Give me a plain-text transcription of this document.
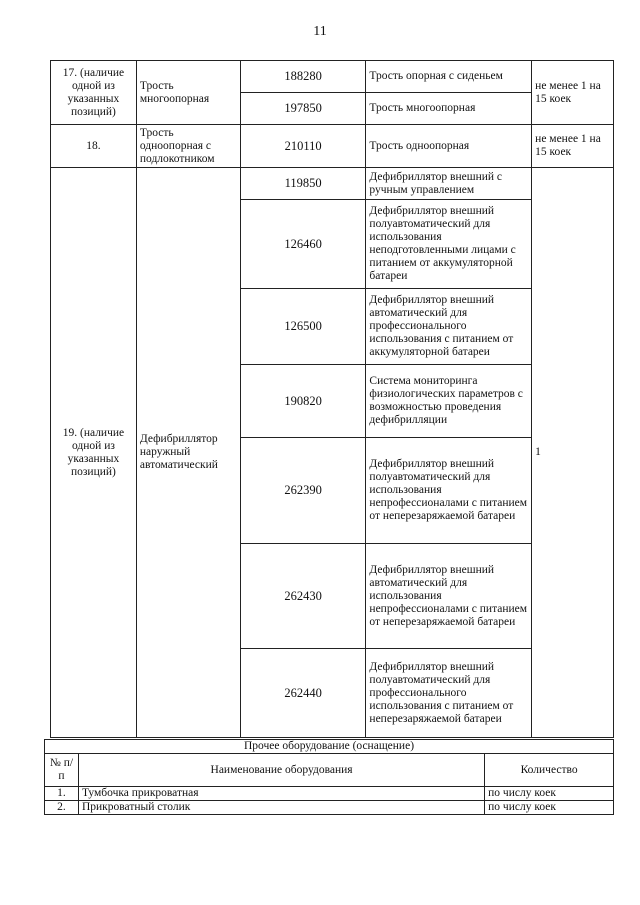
11
17. (наличие одной из указанных позиций)	Трость многоопорная	188280	Трость опорная с сиденьем	не менее 1 на 15 коек
		197850	Трость многоопорная	
18.	Трость одноопорная с подлокотником	210110	Трость одноопорная	не менее 1 на 15 коек
19. (наличие одной из указанных позиций)	Дефибриллятор наружный автоматический	119850	Дефибриллятор внешний с ручным управлением	1
		126460	Дефибриллятор внешний полуавтоматический для использования неподготовленными лицами с питанием от аккумуляторной батареи	
		126500	Дефибриллятор внешний автоматический для профессионального использования с питанием от аккумуляторной батареи	
		190820	Система мониторинга физиологических параметров с возможностью проведения дефибрилляции	
		262390	Дефибриллятор внешний полуавтоматический для использования непрофессионалами с питанием от неперезаряжаемой батареи	
		262430	Дефибриллятор внешний автоматический для использования непрофессионалами с питанием от неперезаряжаемой батареи	
		262440	Дефибриллятор внешний полуавтоматический для профессионального использования с питанием от неперезаряжаемой батареи	
Прочее оборудование (оснащение)		
№ п/п	Наименование оборудования	Количество
1.	Тумбочка прикроватная	по числу коек
2.	Прикроватный столик	по числу коек
